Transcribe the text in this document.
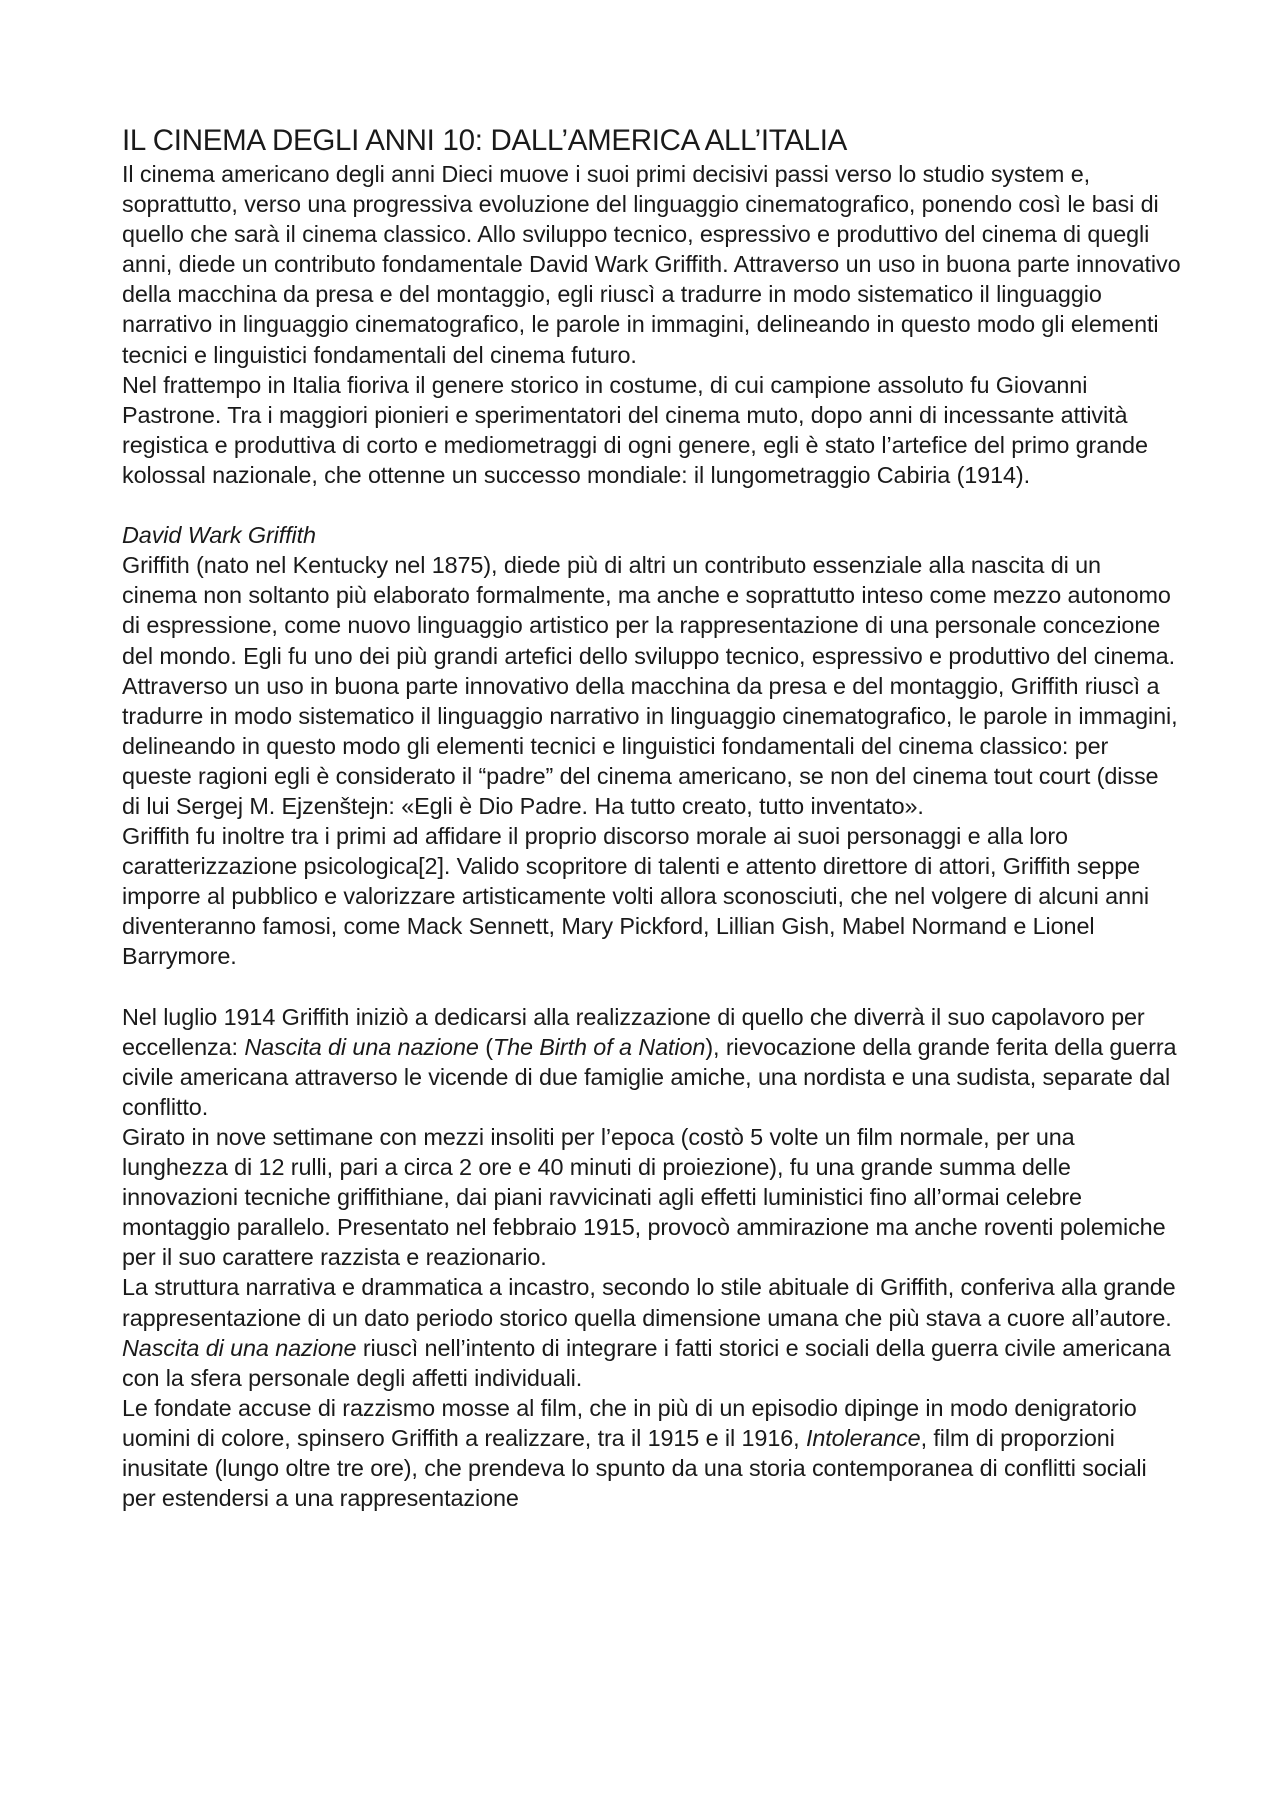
IL CINEMA DEGLI ANNI 10: DALL’AMERICA ALL’ITALIA

Il cinema americano degli anni Dieci muove i suoi primi decisivi passi verso lo studio system e, soprattutto, verso una progressiva evoluzione del linguaggio cinematografico, ponendo così le basi di quello che sarà il cinema classico. Allo sviluppo tecnico, espressivo e produttivo del cinema di quegli anni, diede un contributo fondamentale David Wark Griffith. Attraverso un uso in buona parte innovativo della macchina da presa e del montaggio, egli riuscì a tradurre in modo sistematico il linguaggio narrativo in linguaggio cinematografico, le parole in immagini, delineando in questo modo gli elementi tecnici e linguistici fondamentali del cinema futuro.

Nel frattempo in Italia fioriva il genere storico in costume, di cui campione assoluto fu Giovanni Pastrone. Tra i maggiori pionieri e sperimentatori del cinema muto, dopo anni di incessante attività registica e produttiva di corto e mediometraggi di ogni genere, egli è stato l’artefice del primo grande kolossal nazionale, che ottenne un successo mondiale: il lungometraggio Cabiria (1914).

David Wark Griffith

Griffith (nato nel Kentucky nel 1875), diede più di altri un contributo essenziale alla nascita di un cinema non soltanto più elaborato formalmente, ma anche e soprattutto inteso come mezzo autonomo di espressione, come nuovo linguaggio artistico per la rappresentazione di una personale concezione del mondo. Egli fu uno dei più grandi artefici dello sviluppo tecnico, espressivo e produttivo del cinema. Attraverso un uso in buona parte innovativo della macchina da presa e del montaggio, Griffith riuscì a tradurre in modo sistematico il linguaggio narrativo in linguaggio cinematografico, le parole in immagini, delineando in questo modo gli elementi tecnici e linguistici fondamentali del cinema classico: per queste ragioni egli è considerato il “padre” del cinema americano, se non del cinema tout court (disse di lui Sergej M. Ejzenštejn: «Egli è Dio Padre. Ha tutto creato, tutto inventato».

Griffith fu inoltre tra i primi ad affidare il proprio discorso morale ai suoi personaggi e alla loro caratterizzazione psicologica[2]. Valido scopritore di talenti e attento direttore di attori, Griffith seppe imporre al pubblico e valorizzare artisticamente volti allora sconosciuti, che nel volgere di alcuni anni diventeranno famosi, come Mack Sennett, Mary Pickford, Lillian Gish, Mabel Normand e Lionel Barrymore.

Nel luglio 1914 Griffith iniziò a dedicarsi alla realizzazione di quello che diverrà il suo capolavoro per eccellenza: Nascita di una nazione (The Birth of a Nation), rievocazione della grande ferita della guerra civile americana attraverso le vicende di due famiglie amiche, una nordista e una sudista, separate dal conflitto.

Girato in nove settimane con mezzi insoliti per l’epoca (costò 5 volte un film normale, per una lunghezza di 12 rulli, pari a circa 2 ore e 40 minuti di proiezione), fu una grande summa delle innovazioni tecniche griffithiane, dai piani ravvicinati agli effetti luministici fino all’ormai celebre montaggio parallelo. Presentato nel febbraio 1915, provocò ammirazione ma anche roventi polemiche per il suo carattere razzista e reazionario.

La struttura narrativa e drammatica a incastro, secondo lo stile abituale di Griffith, conferiva alla grande rappresentazione di un dato periodo storico quella dimensione umana che più stava a cuore all’autore. Nascita di una nazione riuscì nell’intento di integrare i fatti storici e sociali della guerra civile americana con la sfera personale degli affetti individuali.

Le fondate accuse di razzismo mosse al film, che in più di un episodio dipinge in modo denigratorio uomini di colore, spinsero Griffith a realizzare, tra il 1915 e il 1916, Intolerance, film di proporzioni inusitate (lungo oltre tre ore), che prendeva lo spunto da una storia contemporanea di conflitti sociali per estendersi a una rappresentazione
